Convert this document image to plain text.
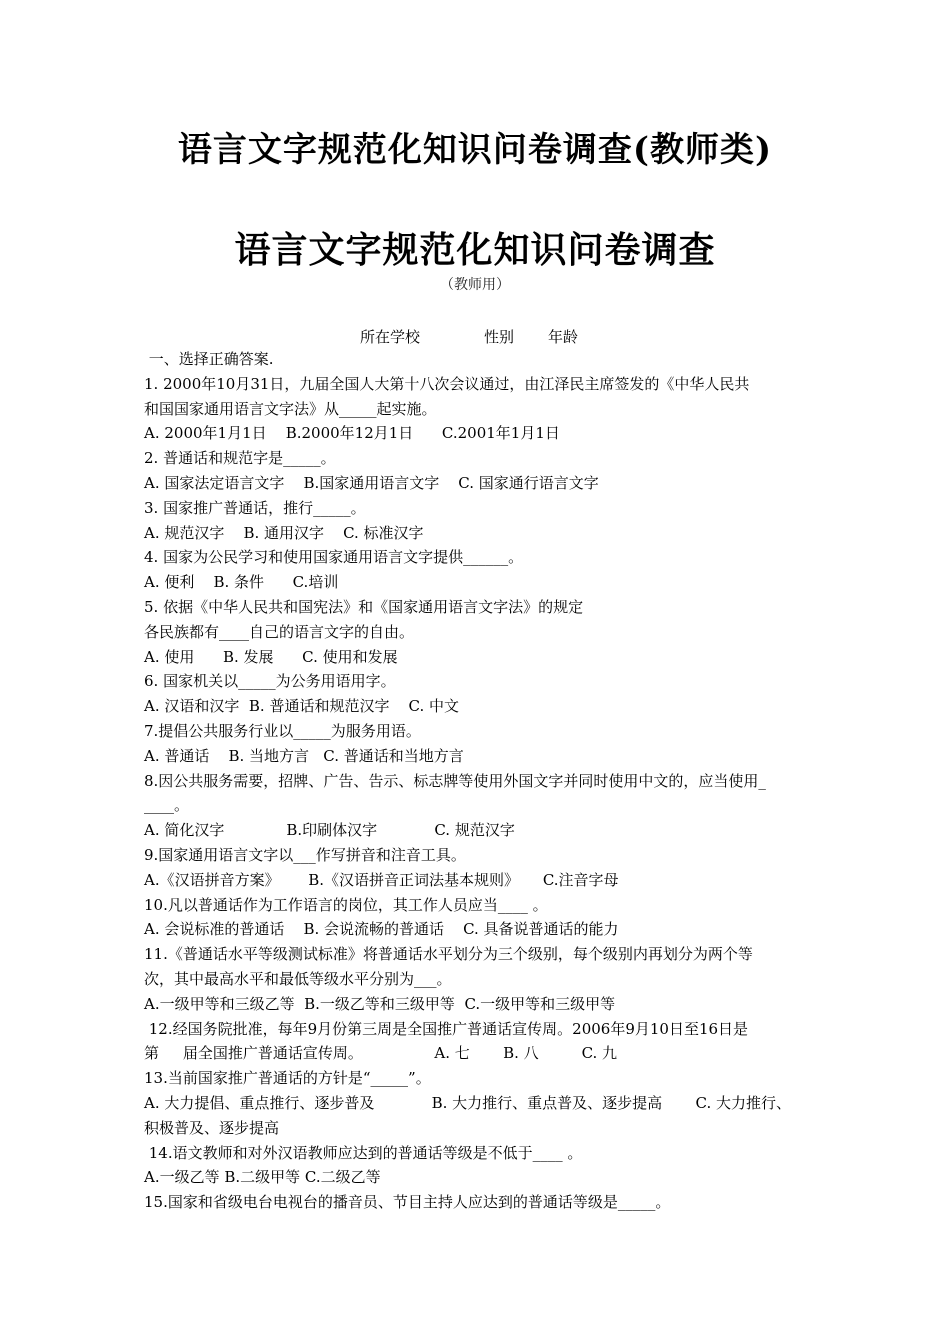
语言文字规范化知识问卷调查(教师类)
语言文字规范化知识问卷调查
（教师用）
所在学校	性别 年龄
一、选择正确答案.
1. 2000年10月31日，九届全国人大第十八次会议通过，由江泽民主席签发的《中华人民共
和国国家通用语言文字法》从_____起实施。
A. 2000年1月1日    B.2000年12月1日      C.2001年1月1日
2. 普通话和规范字是_____。
A. 国家法定语言文字    B.国家通用语言文字    C. 国家通行语言文字
3. 国家推广普通话，推行_____。
A. 规范汉字    B. 通用汉字    C. 标准汉字
4. 国家为公民学习和使用国家通用语言文字提供______。
A. 便利    B. 条件      C.培训
5. 依据《中华人民共和国宪法》和《国家通用语言文字法》的规定
各民族都有____自己的语言文字的自由。
A. 使用      B. 发展      C. 使用和发展
6. 国家机关以_____为公务用语用字。
A. 汉语和汉字  B. 普通话和规范汉字    C. 中文
7.提倡公共服务行业以_____为服务用语。
A. 普通话    B. 当地方言   C. 普通话和当地方言
8.因公共服务需要，招牌、广告、告示、标志牌等使用外国文字并同时使用中文的，应当使用_
____。
A. 简化汉字             B.印刷体汉字            C. 规范汉字
9.国家通用语言文字以___作写拼音和注音工具。
A.《汉语拼音方案》      B.《汉语拼音正词法基本规则》     C.注音字母
10.凡以普通话作为工作语言的岗位，其工作人员应当____ 。
A. 会说标准的普通话    B. 会说流畅的普通话    C. 具备说普通话的能力
11.《普通话水平等级测试标准》将普通话水平划分为三个级别，每个级别内再划分为两个等
次，其中最高水平和最低等级水平分别为___。
A.一级甲等和三级乙等  B.一级乙等和三级甲等  C.一级甲等和三级甲等
12.经国务院批准，每年9月份第三周是全国推广普通话宣传周。2006年9月10日至16日是
第     届全国推广普通话宣传周。               A. 七       B. 八         C. 九
13.当前国家推广普通话的方针是“_____”。
A. 大力提倡、重点推行、逐步普及            B. 大力推行、重点普及、逐步提高       C. 大力推行、
积极普及、逐步提高
14.语文教师和对外汉语教师应达到的普通话等级是不低于____ 。
A.一级乙等 B.二级甲等 C.二级乙等
15.国家和省级电台电视台的播音员、节目主持人应达到的普通话等级是_____。
